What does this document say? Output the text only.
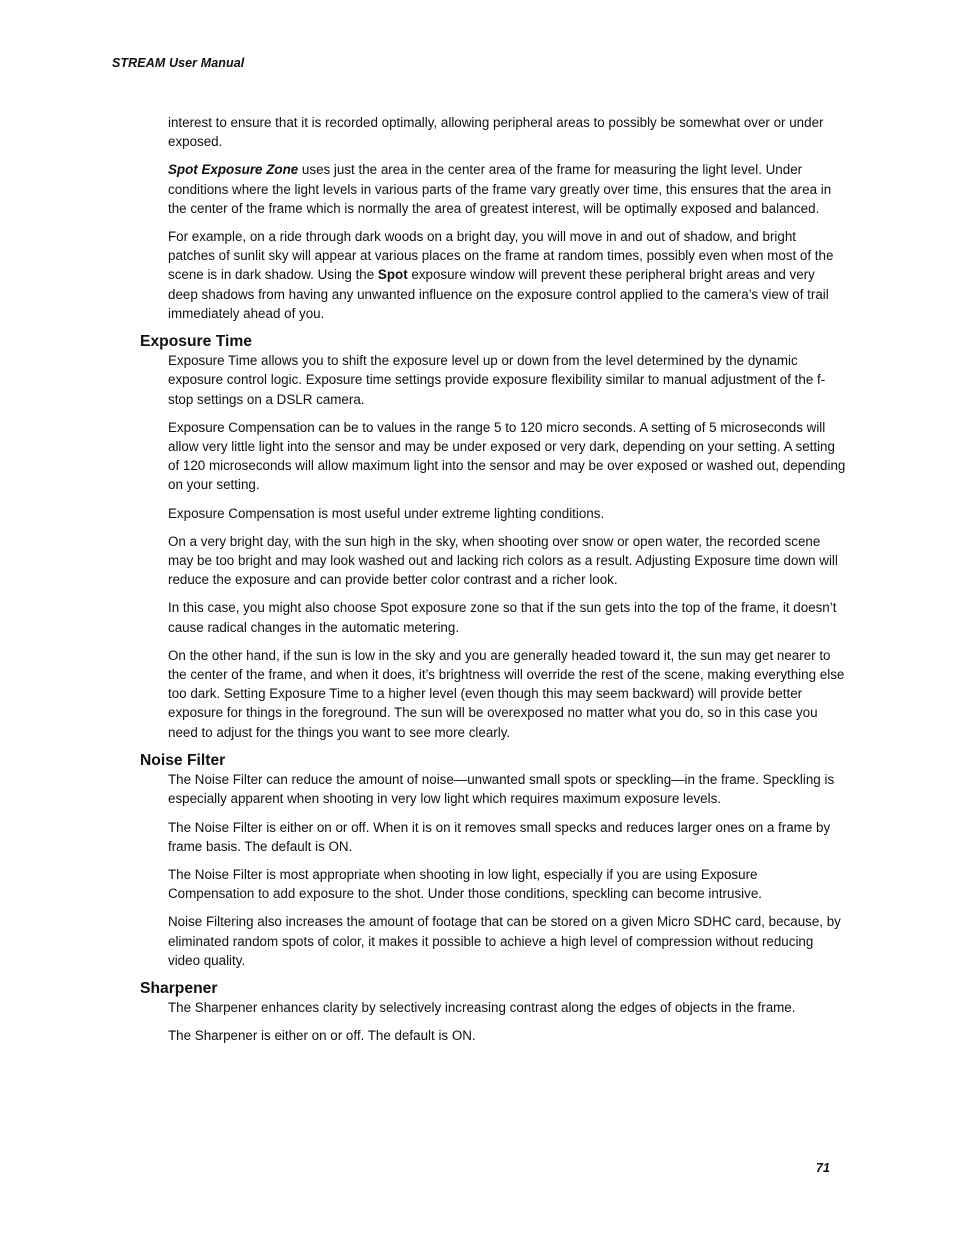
STREAM User Manual

interest to ensure that it is recorded optimally, allowing peripheral areas to possibly be somewhat over or under exposed.

Spot Exposure Zone uses just the area in the center area of the frame for measuring the light level. Under conditions where the light levels in various parts of the frame vary greatly over time, this ensures that the area in the center of the frame which is normally the area of greatest interest, will be optimally exposed and balanced.

For example, on a ride through dark woods on a bright day, you will move in and out of shadow, and bright patches of sunlit sky will appear at various places on the frame at random times, possibly even when most of the scene is in dark shadow. Using the Spot exposure window will prevent these peripheral bright areas and very deep shadows from having any unwanted influence on the exposure control applied to the camera’s view of trail immediately ahead of you.

Exposure Time

Exposure Time allows you to shift the exposure level up or down from the level determined by the dynamic exposure control logic. Exposure time settings provide exposure flexibility similar to manual adjustment of the f-stop settings on a DSLR camera.

Exposure Compensation can be to values in the range 5 to 120 micro seconds. A setting of 5 microseconds will allow very little light into the sensor and may be under exposed or very dark, depending on your setting. A setting of 120 microseconds will allow maximum light into the sensor and may be over exposed or washed out, depending on your setting.

Exposure Compensation is most useful under extreme lighting conditions.

On a very bright day, with the sun high in the sky, when shooting over snow or open water, the recorded scene may be too bright and may look washed out and lacking rich colors as a result. Adjusting Exposure time down will reduce the exposure and can provide better color contrast and a richer look.

In this case, you might also choose Spot exposure zone so that if the sun gets into the top of the frame, it doesn’t cause radical changes in the automatic metering.

On the other hand, if the sun is low in the sky and you are generally headed toward it, the sun may get nearer to the center of the frame, and when it does, it’s brightness will override the rest of the scene, making everything else too dark. Setting Exposure Time to a higher level (even though this may seem backward) will provide better exposure for things in the foreground. The sun will be overexposed no matter what you do, so in this case you need to adjust for the things you want to see more clearly.

Noise Filter

The Noise Filter can reduce the amount of noise—unwanted small spots or speckling—in the frame. Speckling is especially apparent when shooting in very low light which requires maximum exposure levels.

The Noise Filter is either on or off. When it is on it removes small specks and reduces larger ones on a frame by frame basis. The default is ON.

The Noise Filter is most appropriate when shooting in low light, especially if you are using Exposure Compensation to add exposure to the shot. Under those conditions, speckling can become intrusive.

Noise Filtering also increases the amount of footage that can be stored on a given Micro SDHC card, because, by eliminated random spots of color, it makes it possible to achieve a high level of compression without reducing video quality.

Sharpener

The Sharpener enhances clarity by selectively increasing contrast along the edges of objects in the frame.

The Sharpener is either on or off. The default is ON.

71
